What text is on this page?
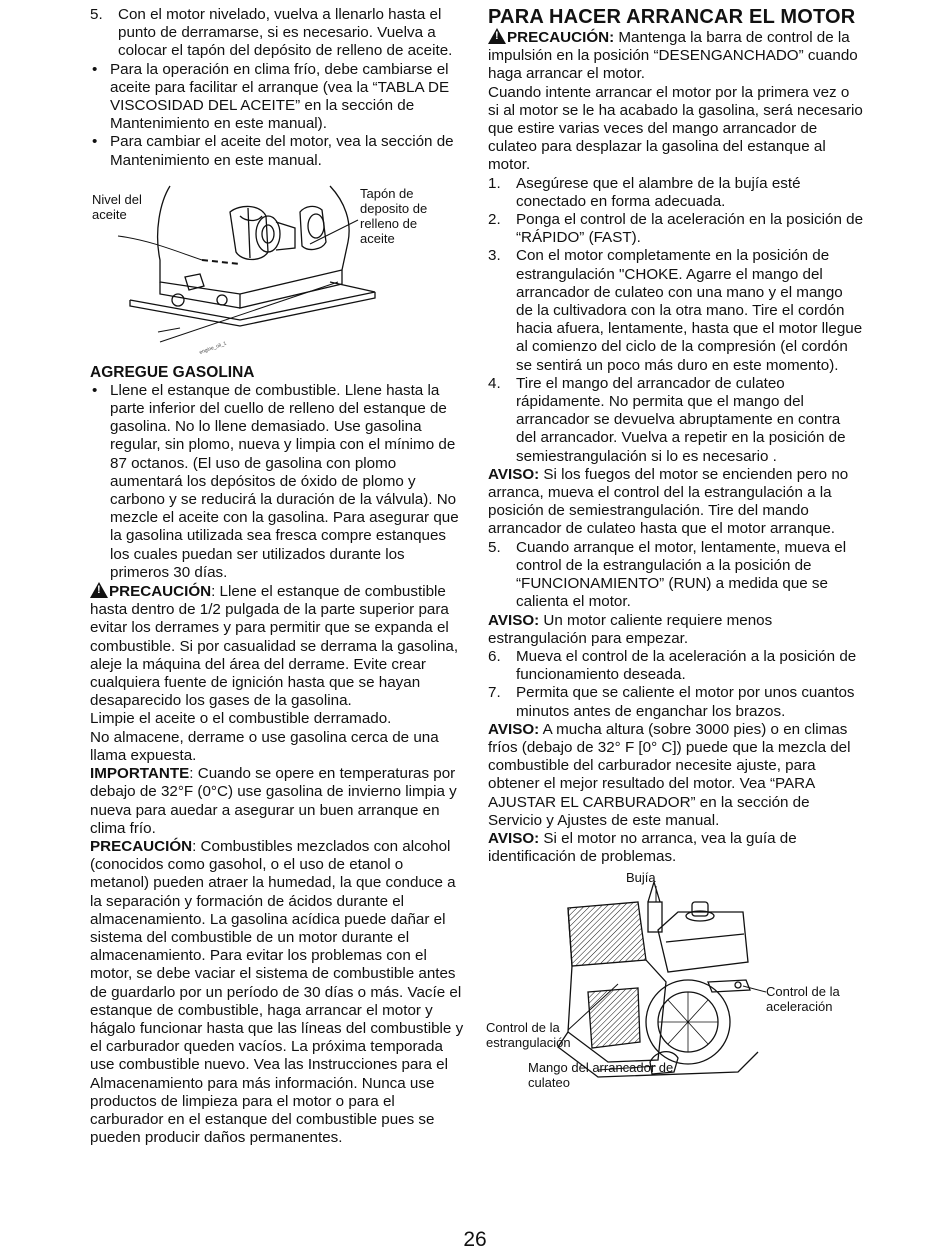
5.	Con el motor nivelado, vuelva a llenarlo hasta el punto de derramarse, si es necesario. Vuelva a colocar el tapón del depósito de relleno de aceite.
• Para la operación en clima frío, debe cambiarse el aceite para facilitar el arranque (vea la “TABLA DE VISCOSIDAD DEL ACEITE” en la sección de Mantenimiento en este manual).
• Para cambiar el aceite del motor, vea la sección de Mantenimiento en este manual.
engine_oil_1
Nivel del aceite
Tapón de deposito de relleno de aceite
AGREGUE GASOLINA
• Llene el estanque de combustible. Llene hasta la parte inferior del cuello de relleno del estanque de gasolina. No lo llene demasiado. Use gasolina regular, sin plomo, nueva y limpia con el mínimo de 87 octanos. (El uso de gasolina con plomo aumentará los depósitos de óxido de plomo y carbono y se reducirá la duración de la válvula). No mezcle el aceite con la gasolina. Para asegurar que la gasolina utilizada sea fresca compre estanques los cuales puedan ser utilizados durante los primeros 30 días.

!PRECAUCIÓN: Llene el estanque de combustible hasta dentro de 1/2 pulgada de la parte superior para evitar los derrames y para permitir que se expanda el combustible. Si por casualidad se derrama la gasolina, aleje la máquina del área del derrame. Evite crear cualquiera fuente de ignición hasta que se hayan desaparecido los gases de la gasolina.

Limpie el aceite o el combustible derramado.

No almacene, derrame o use gasolina cerca de una llama expuesta.

IMPORTANTE: Cuando se opere en temperaturas por debajo de 32°F (0°C) use gasolina de invierno limpia y nueva para auedar a asegurar un buen arranque en clima frío.

PRECAUCIÓN: Combustibles mezclados con alcohol (conocidos como gasohol, o el uso de etanol o metanol) pueden atraer la humedad, la que conduce a la separación y formación de ácidos durante el almacenamiento. La gasolina acídica puede dañar el sistema del combustible de un motor durante el almacenamiento. Para evitar los problemas con el motor, se debe vaciar el sistema de combustible antes de guardarlo por un período de 30 días o más. Vacíe el estanque de combustible, haga arrancar el motor y hágalo funcionar hasta que las líneas del combustible y el carburador queden vacíos. La próxima temporada use combustible nuevo. Vea las Instrucciones para el Almacenamiento para más información. Nunca use productos de limpieza para el motor o para el carburador en el estanque del combustible pues se pueden producir daños permanentes.

PARA HACER ARRANCAR EL MOTOR

!PRECAUCIÓN: Mantenga la barra de control de la impulsión en la posición “DESENGANCHADO” cuando haga arrancar el motor.

Cuando intente arrancar el motor por la primera vez o si al motor se le ha acabado la gasolina, será necesario que estire varias veces del mango arrancador de culateo para desplazar la gasolina del estanque al motor.

1.	Asegúrese que el alambre de la bujía esté conectado en forma adecuada.
2.	Ponga el control de la aceleración en la posición de “RÁPIDO” (FAST).
3.	Con el motor completamente en la posición de estrangulación "CHOKE. Agarre el mango del arrancador de culateo con una mano y el mango de la cultivadora con la otra mano. Tire el cordón hacia afuera, lentamente, hasta que el motor llegue al comienzo del ciclo de la compresión (el cordón se sentirá un poco más duro en este momento).
4.	Tire el mango del arrancador de culateo rápidamente. No permita que el mango del arrancador se devuelva abruptamente en contra del arrancador. Vuelva a repetir en la posición de semiestrangulación si lo es necesario .

AVISO: Si los fuegos del motor se encienden pero no arranca, mueva el control del la estrangulación a la posición de semiestrangulación. Tire del mando arrancador de culateo hasta que el motor arranque.

5.	Cuando arranque el motor, lentamente, mueva el control de la estrangulación a la posición de “FUNCIONAMIENTO” (RUN) a medida que se calienta el motor.

AVISO: Un motor caliente requiere menos estrangulación para empezar.

6.	Mueva el control de la aceleración a la posición de funcionamiento deseada.
7.	Permita que se caliente el motor por unos cuantos minutos antes de enganchar los brazos.

AVISO: A mucha altura (sobre 3000 pies) o en climas fríos (debajo de 32° F [0° C]) puede que la mezcla del combustible del carburador necesite ajuste, para obtener el mejor resultado del motor. Vea “PARA AJUSTAR EL CARBURADOR” en la sección de Servicio y Ajustes de este manual.

AVISO: Si el motor no arranca, vea la guía de identificación de problemas.

Bujía
Control de la aceleración
Control de la estrangulación
Mango del arrancador de culateo
26
